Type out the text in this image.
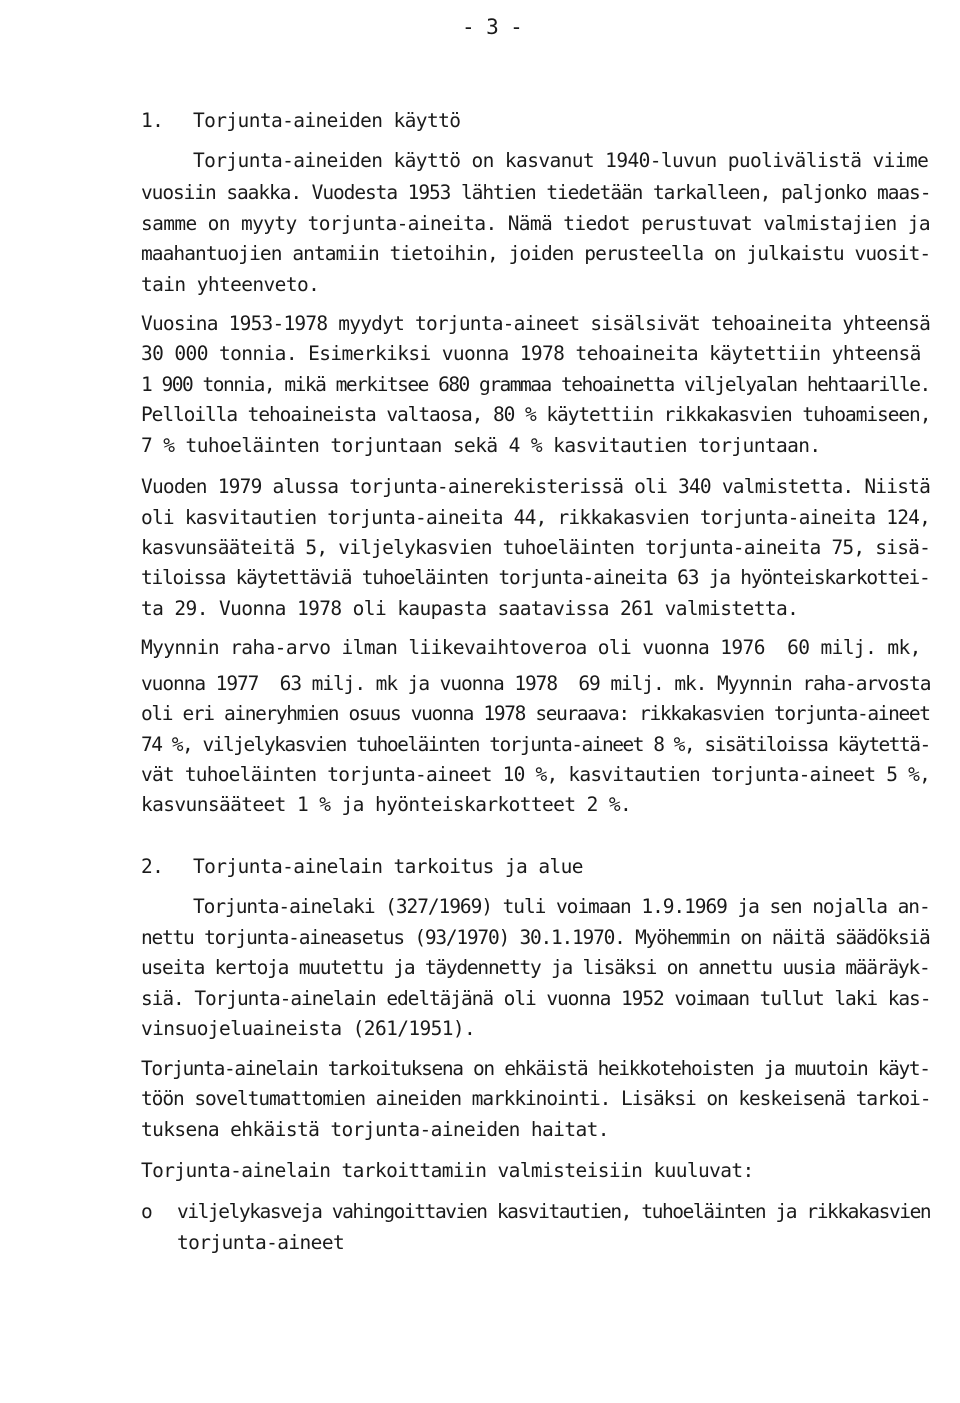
- 3 -
1. Torjunta-aineiden käyttö
Torjunta-aineiden käyttö on kasvanut 1940-luvun puolivälistä viime
vuosiin saakka. Vuodesta 1953 lähtien tiedetään tarkalleen, paljonko maas-
samme on myyty torjunta-aineita. Nämä tiedot perustuvat valmistajien ja
maahantuojien antamiin tietoihin, joiden perusteella on julkaistu vuosit-
tain yhteenveto.
Vuosina 1953-1978 myydyt torjunta-aineet sisälsivät tehoaineita yhteensä
30 000 tonnia. Esimerkiksi vuonna 1978 tehoaineita käytettiin yhteensä
1 900 tonnia, mikä merkitsee 680 grammaa tehoainetta viljelyalan hehtaarille.
Pelloilla tehoaineista valtaosa, 80 % käytettiin rikkakasvien tuhoamiseen,
7 % tuhoeläinten torjuntaan sekä 4 % kasvitautien torjuntaan.
Vuoden 1979 alussa torjunta-ainerekisterissä oli 340 valmistetta. Niistä
oli kasvitautien torjunta-aineita 44, rikkakasvien torjunta-aineita 124,
kasvunsääteitä 5, viljelykasvien tuhoeläinten torjunta-aineita 75, sisä-
tiloissa käytettäviä tuhoeläinten torjunta-aineita 63 ja hyönteiskarkottei-
ta 29. Vuonna 1978 oli kaupasta saatavissa 261 valmistetta.
Myynnin raha-arvo ilman liikevaihtoveroa oli vuonna 1976  60 milj. mk,
vuonna 1977  63 milj. mk ja vuonna 1978  69 milj. mk. Myynnin raha-arvosta
oli eri aineryhmien osuus vuonna 1978 seuraava: rikkakasvien torjunta-aineet
74 %, viljelykasvien tuhoeläinten torjunta-aineet 8 %, sisätiloissa käytettä-
vät tuhoeläinten torjunta-aineet 10 %, kasvitautien torjunta-aineet 5 %,
kasvunsääteet 1 % ja hyönteiskarkotteet 2 %.
2. Torjunta-ainelain tarkoitus ja alue
Torjunta-ainelaki (327/1969) tuli voimaan 1.9.1969 ja sen nojalla an-
nettu torjunta-aineasetus (93/1970) 30.1.1970. Myöhemmin on näitä säädöksiä
useita kertoja muutettu ja täydennetty ja lisäksi on annettu uusia määräyk-
siä. Torjunta-ainelain edeltäjänä oli vuonna 1952 voimaan tullut laki kas-
vinsuojeluaineista (261/1951).
Torjunta-ainelain tarkoituksena on ehkäistä heikkotehoisten ja muutoin käyt-
töön soveltumattomien aineiden markkinointi. Lisäksi on keskeisenä tarkoi-
tuksena ehkäistä torjunta-aineiden haitat.
Torjunta-ainelain tarkoittamiin valmisteisiin kuuluvat:
o viljelykasveja vahingoittavien kasvitautien, tuhoeläinten ja rikkakasvien
torjunta-aineet
